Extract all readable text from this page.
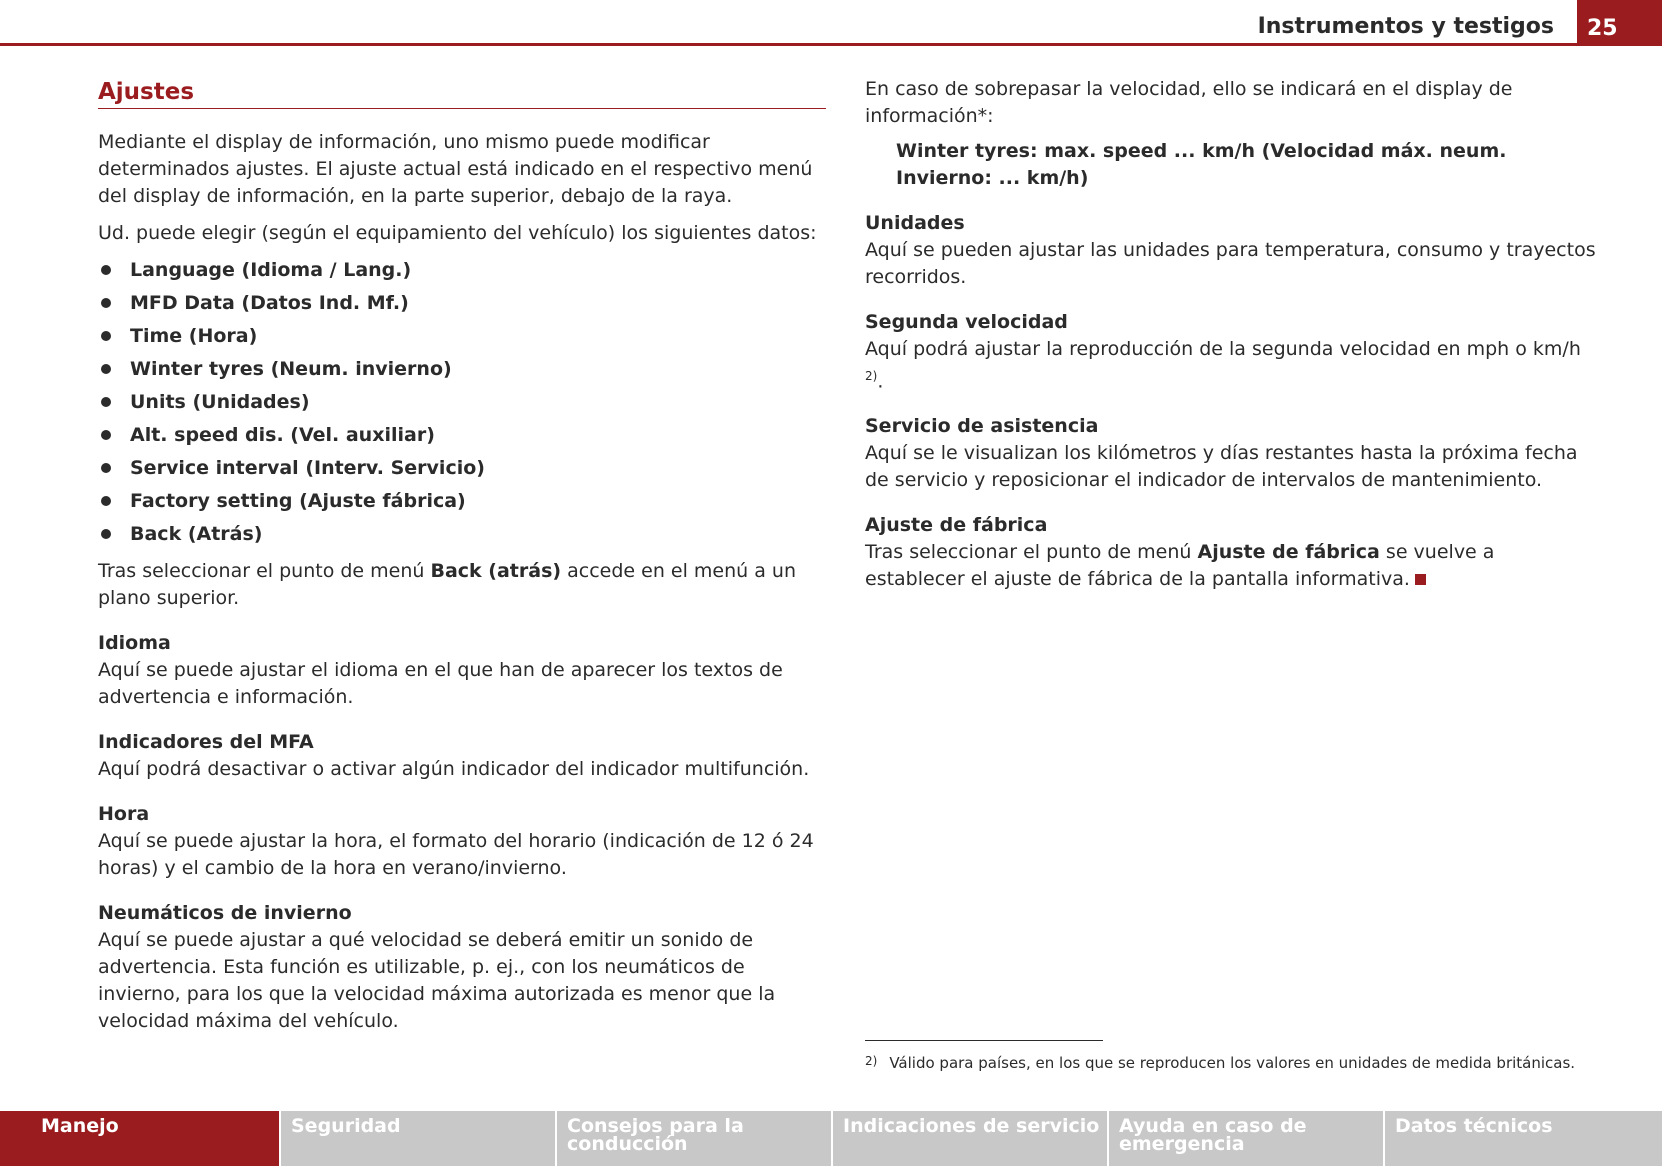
Instrumentos y testigos	25
Ajustes

Mediante el display de información, uno mismo puede modificar determinados ajustes. El ajuste actual está indicado en el respectivo menú del display de información, en la parte superior, debajo de la raya.

Ud. puede elegir (según el equipamiento del vehículo) los siguientes datos:

Language (Idioma / Lang.)
MFD Data (Datos Ind. Mf.)
Time (Hora)
Winter tyres (Neum. invierno)
Units (Unidades)
Alt. speed dis. (Vel. auxiliar)
Service interval (Interv. Servicio)
Factory setting (Ajuste fábrica)
Back (Atrás)

Tras seleccionar el punto de menú Back (atrás) accede en el menú a un plano superior.

Idioma

Aquí se puede ajustar el idioma en el que han de aparecer los textos de advertencia e información.

Indicadores del MFA

Aquí podrá desactivar o activar algún indicador del indicador multifunción.

Hora

Aquí se puede ajustar la hora, el formato del horario (indicación de 12 ó 24 horas) y el cambio de la hora en verano/invierno.

Neumáticos de invierno

Aquí se puede ajustar a qué velocidad se deberá emitir un sonido de advertencia. Esta función es utilizable, p. ej., con los neumáticos de invierno, para los que la velocidad máxima autorizada es menor que la velocidad máxima del vehículo.

En caso de sobrepasar la velocidad, ello se indicará en el display de información*:

Winter tyres: max. speed ... km/h (Velocidad máx. neum. Invierno: ... km/h)

Unidades

Aquí se pueden ajustar las unidades para temperatura, consumo y trayectos recorridos.

Segunda velocidad

Aquí podrá ajustar la reproducción de la segunda velocidad en mph o km/h $^{2)}$.

Servicio de asistencia

Aquí se le visualizan los kilómetros y días restantes hasta la próxima fecha de servicio y reposicionar el indicador de intervalos de mantenimiento.

Ajuste de fábrica

Tras seleccionar el punto de menú Ajuste de fábrica se vuelve a establecer el ajuste de fábrica de la pantalla informativa.

$^{2)}$ Válido para países, en los que se reproducen los valores en unidades de medida británicas.
Manejo	Seguridad	Consejos para la conducción
Indicaciones de servicio	Ayuda en caso de emergencia
Datos técnicos
